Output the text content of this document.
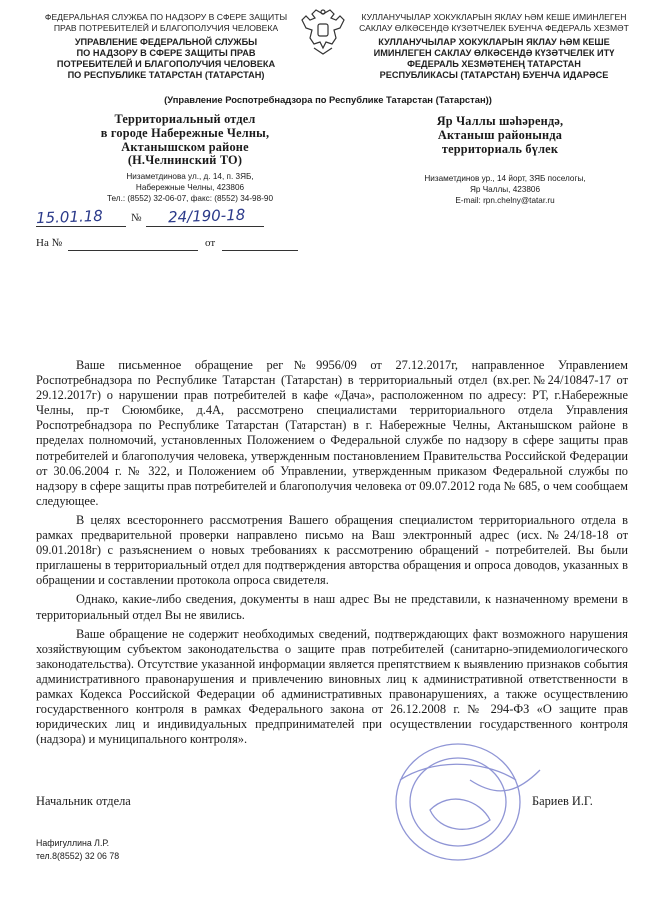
ФЕДЕРАЛЬНАЯ СЛУЖБА ПО НАДЗОРУ В СФЕРЕ ЗАЩИТЫ
ПРАВ ПОТРЕБИТЕЛЕЙ И БЛАГОПОЛУЧИЯ ЧЕЛОВЕКА
УПРАВЛЕНИЕ ФЕДЕРАЛЬНОЙ СЛУЖБЫ
ПО НАДЗОРУ В СФЕРЕ ЗАЩИТЫ ПРАВ
ПОТРЕБИТЕЛЕЙ И БЛАГОПОЛУЧИЯ ЧЕЛОВЕКА
ПО РЕСПУБЛИКЕ ТАТАРСТАН (ТАТАРСТАН)
КУЛЛАНУЧЫЛАР ХОКУКЛАРЫН ЯКЛАУ ҺӘМ КЕШЕ ИМИНЛЕГЕН
САКЛАУ ӨЛКӘСЕНДӘ КҮЗӘТЧЕЛЕК БУЕНЧА ФЕДЕРАЛЬ ХЕЗМӘТ
КУЛЛАНУЧЫЛАР ХОКУКЛАРЫН ЯКЛАУ ҺӘМ КЕШЕ
ИМИНЛЕГЕН САКЛАУ ӨЛКӘСЕНДӘ КҮЗӘТЧЕЛЕК ИТҮ
ФЕДЕРАЛЬ ХЕЗМӘТЕНЕҢ ТАТАРСТАН
РЕСПУБЛИКАСЫ (ТАТАРСТАН) БУЕНЧА ИДАРӘСЕ
(Управление Роспотребнадзора по Республике Татарстан (Татарстан))
Территориальный отдел
в городе Набережные Челны,
Актанышском районе
(Н.Челнинский ТО)
Яр Чаллы шәһәрендә,
Актаныш районында
территориаль бүлек
Низаметдинова ул., д. 14, п. 3ЯБ,
Набережные Челны, 423806
Тел.: (8552) 32-06-07, факс: (8552) 34-98-90
Низаметдинов ур., 14 йорт, ЗЯБ поселогы,
Яр Чаллы, 423806
E-mail: rpn.chelny@tatar.ru
15.01.18	№ 24/190-18
На №	от

Ваше письменное обращение рег№9956/09 от 27.12.2017г, направленное Управлением Роспотребнадзора по Республике Татарстан (Татарстан) в территориальный отдел (вх.рег.№24/10847-17 от 29.12.2017г) о нарушении прав потребителей в кафе «Дача», расположенном по адресу: РТ, г.Набережные Челны, пр-т Сююмбике, д.4А, рассмотрено специалистами территориального отдела Управления Роспотребнадзора по Республике Татарстан (Татарстан) в г. Набережные Челны, Актанышском районе в пределах полномочий, установленных Положением о Федеральной службе по надзору в сфере защиты прав потребителей и благополучия человека, утвержденным постановлением Правительства Российской Федерации от 30.06.2004 г. № 322, и Положением об Управлении, утвержденным приказом Федеральной службы по надзору в сфере защиты прав потребителей и благополучия человека от 09.07.2012 года № 685, о чем сообщаем следующее.

В целях всестороннего рассмотрения Вашего обращения специалистом территориального отдела в рамках предварительной проверки направлено письмо на Ваш электронный адрес (исх.№24/18-18 от 09.01.2018г) с разъяснением о новых требованиях к рассмотрению обращений - потребителей. Вы были приглашены в территориальный отдел для подтверждения авторства обращения и опроса доводов, указанных в обращении и составлении протокола опроса свидетеля.

Однако, какие-либо сведения, документы в наш адрес Вы не представили, к назначенному времени в территориальный отдел Вы не явились.

Ваше обращение не содержит необходимых сведений, подтверждающих факт возможного нарушения хозяйствующим субъектом законодательства о защите прав потребителей (санитарно-эпидемиологического законодательства). Отсутствие указанной информации является препятствием к выявлению признаков события административного правонарушения и привлечению виновных лиц к административной ответственности в рамках Кодекса Российской Федерации об административных правонарушениях, а также осуществлению государственного контроля в рамках Федерального закона от 26.12.2008 г. № 294-ФЗ «О защите прав юридических лиц и индивидуальных предпринимателей при осуществлении государственного контроля (надзора) и муниципального контроля».

Начальник отдела	Бариев И.Г.
Нафигуллина Л.Р.
тел.8(8552) 32 06 78
